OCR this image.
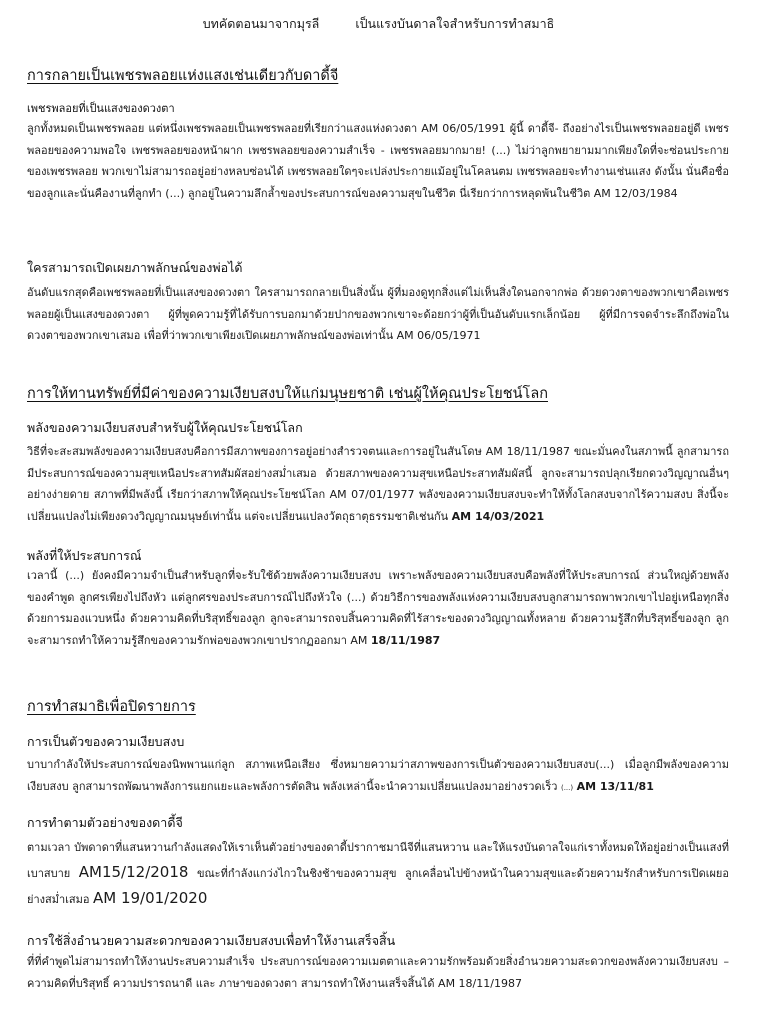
บทคัดตอนมาจากมุรลี	เป็นแรงบันดาลใจสำหรับการทำสมาธิ
การกลายเป็นเพชรพลอยแห่งแสงเช่นเดียวกับดาดี้จี
เพชรพลอยที่เป็นแสงของดวงตา

ลูกทั้งหมดเป็นเพชรพลอย แต่หนึ่งเพชรพลอยเป็นเพชรพลอยที่เรียกว่าแสงแห่งดวงตา AM 06/05/1991 ผู้นี้ ดาดี้จี- ถึงอย่างไรเป็นเพชรพลอยอยู่ดี เพชรพลอยของความพอใจ เพชรพลอยของหน้าผาก เพชรพลอยของความสำเร็จ - เพชรพลอยมากมาย! (...) ไม่ว่าลูกพยายามมากเพียงใดที่จะซ่อนประกายของเพชรพลอย พวกเขาไม่สามารถอยู่อย่างหลบซ่อนได้ เพชรพลอยใดๆจะเปล่งประกายแม้อยู่ในโคลนตม เพชรพลอยจะทำงานเช่นแสง ดังนั้น นั่นคือชื่อของลูกและนั่นคืองานที่ลูกทำ (...) ลูกอยู่ในความลึกล้ำของประสบการณ์ของความสุขในชีวิต นี่เรียกว่าการหลุดพ้นในชีวิต AM 12/03/1984

ใครสามารถเปิดเผยภาพลักษณ์ของพ่อได้

อันดับแรกสุดคือเพชรพลอยที่เป็นแสงของดวงตา ใครสามารถกลายเป็นสิ่งนั้น ผู้ที่มองดูทุกสิ่งแต่ไม่เห็นสิ่งใดนอกจากพ่อ ด้วยดวงตาของพวกเขาคือเพชรพลอยผู้เป็นแสงของดวงตา ผู้ที่พูดความรู้ที่ได้รับการบอกมาด้วยปากของพวกเขาจะด้อยกว่าผู้ที่เป็นอันดับแรกเล็กน้อย ผู้ที่มีการจดจำระลึกถึงพ่อในดวงตาของพวกเขาเสมอ เพื่อที่ว่าพวกเขาเพียงเปิดเผยภาพลักษณ์ของพ่อเท่านั้น AM 06/05/1971

การให้ทานทรัพย์ที่มีค่าของความเงียบสงบให้แก่มนุษยชาติ เช่นผู้ให้คุณประโยชน์โลก
พลังของความเงียบสงบสำหรับผู้ให้คุณประโยชน์โลก

วิธีที่จะสะสมพลังของความเงียบสงบคือการมีสภาพของการอยู่อย่างสำรวจตนและการอยู่ในสันโดษ AM 18/11/1987 ขณะมั่นคงในสภาพนี้ ลูกสามารถมีประสบการณ์ของความสุขเหนือประสาทสัมผัสอย่างสม่ำเสมอ ด้วยสภาพของความสุขเหนือประสาทสัมผัสนี้ ลูกจะสามารถปลุกเรียกดวงวิญญาณอื่นๆอย่างง่ายดาย สภาพที่มีพลังนี้ เรียกว่าสภาพให้คุณประโยชน์โลก AM 07/01/1977 พลังของความเงียบสงบจะทำให้ทั้งโลกสงบจากไร้ความสงบ สิ่งนี้จะเปลี่ยนแปลงไม่เพียงดวงวิญญาณมนุษย์เท่านั้น แต่จะเปลี่ยนแปลงวัตถุธาตุธรรมชาติเช่นกัน AM 14/03/2021

พลังที่ให้ประสบการณ์

เวลานี้ (...) ยังคงมีความจำเป็นสำหรับลูกที่จะรับใช้ด้วยพลังความเงียบสงบ เพราะพลังของความเงียบสงบคือพลังที่ให้ประสบการณ์ ส่วนใหญ่ด้วยพลังของคำพูด ลูกศรเพียงไปถึงหัว แต่ลูกศรของประสบการณ์ไปถึงหัวใจ (...) ด้วยวิธีการของพลังแห่งความเงียบสงบลูกสามารถพาพวกเขาไปอยู่เหนือทุกสิ่งด้วยการมองแวบหนึ่ง ด้วยความคิดที่บริสุทธิ์ของลูก ลูกจะสามารถจบสิ้นความคิดที่ไร้สาระของดวงวิญญาณทั้งหลาย ด้วยความรู้สึกที่บริสุทธิ์ของลูก ลูกจะสามารถทำให้ความรู้สึกของความรักพ่อของพวกเขาปรากฏออกมา AM 18/11/1987

การทำสมาธิเพื่อปิดรายการ
การเป็นตัวของความเงียบสงบ

บาบากำลังให้ประสบการณ์ของนิพพานแก่ลูก สภาพเหนือเสียง ซึ่งหมายความว่าสภาพของการเป็นตัวของความเงียบสงบ(...) เมื่อลูกมีพลังของความเงียบสงบ ลูกสามารถพัฒนาพลังการแยกแยะและพลังการตัดสิน พลังเหล่านี้จะนำความเปลี่ยนแปลงมาอย่างรวดเร็ว (...) AM 13/11/81

การทำตามตัวอย่างของดาดี้จี

ตามเวลา บัพดาดาที่แสนหวานกำลังแสดงให้เราเห็นตัวอย่างของดาดี้ปรากาชมานีจีที่แสนหวาน และให้แรงบันดาลใจแก่เราทั้งหมดให้อยู่อย่างเป็นแสงที่เบาสบาย AM15/12/2018 ขณะที่กำลังแกว่งไกวในชิงช้าของความสุข ลูกเคลื่อนไปข้างหน้าในความสุขและด้วยความรักสำหรับการเปิดเผยอย่างสม่ำเสมอ AM 19/01/2020

การใช้สิ่งอำนวยความสะดวกของความเงียบสงบเพื่อทำให้งานเสร็จสิ้น

ที่ที่คำพูดไม่สามารถทำให้งานประสบความสำเร็จ ประสบการณ์ของความเมตตาและความรักพร้อมด้วยสิ่งอำนวยความสะดวกของพลังความเงียบสงบ – ความคิดที่บริสุทธิ์ ความปรารถนาดี และ ภาษาของดวงตา สามารถทำให้งานเสร็จสิ้นได้ AM 18/11/1987
